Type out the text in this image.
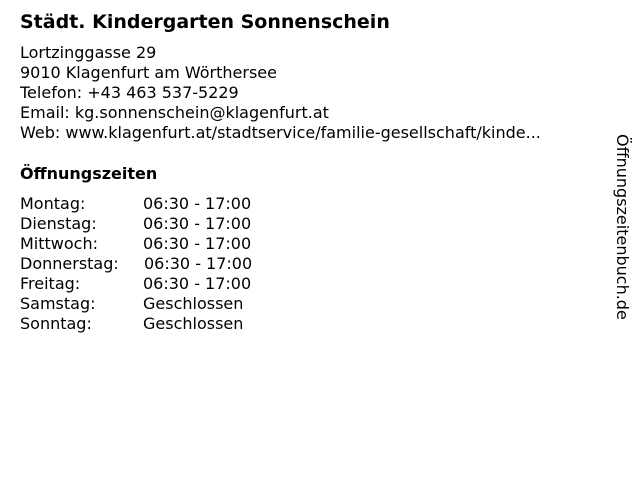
Städt. Kindergarten Sonnenschein
Lortzinggasse 29
9010 Klagenfurt am Wörthersee
Telefon: +43 463 537-5229
Email: kg.sonnenschein@klagenfurt.at
Web: www.klagenfurt.at/stadtservice/familie-gesellschaft/kinde...
Öffnungszeiten
Montag:	06:30 - 17:00
Dienstag:	06:30 - 17:00
Mittwoch:	06:30 - 17:00
Donnerstag: 06:30 - 17:00
Freitag:	06:30 - 17:00
Samstag:	Geschlossen
Sonntag:	Geschlossen
Öffnungszeitenbuch.de
